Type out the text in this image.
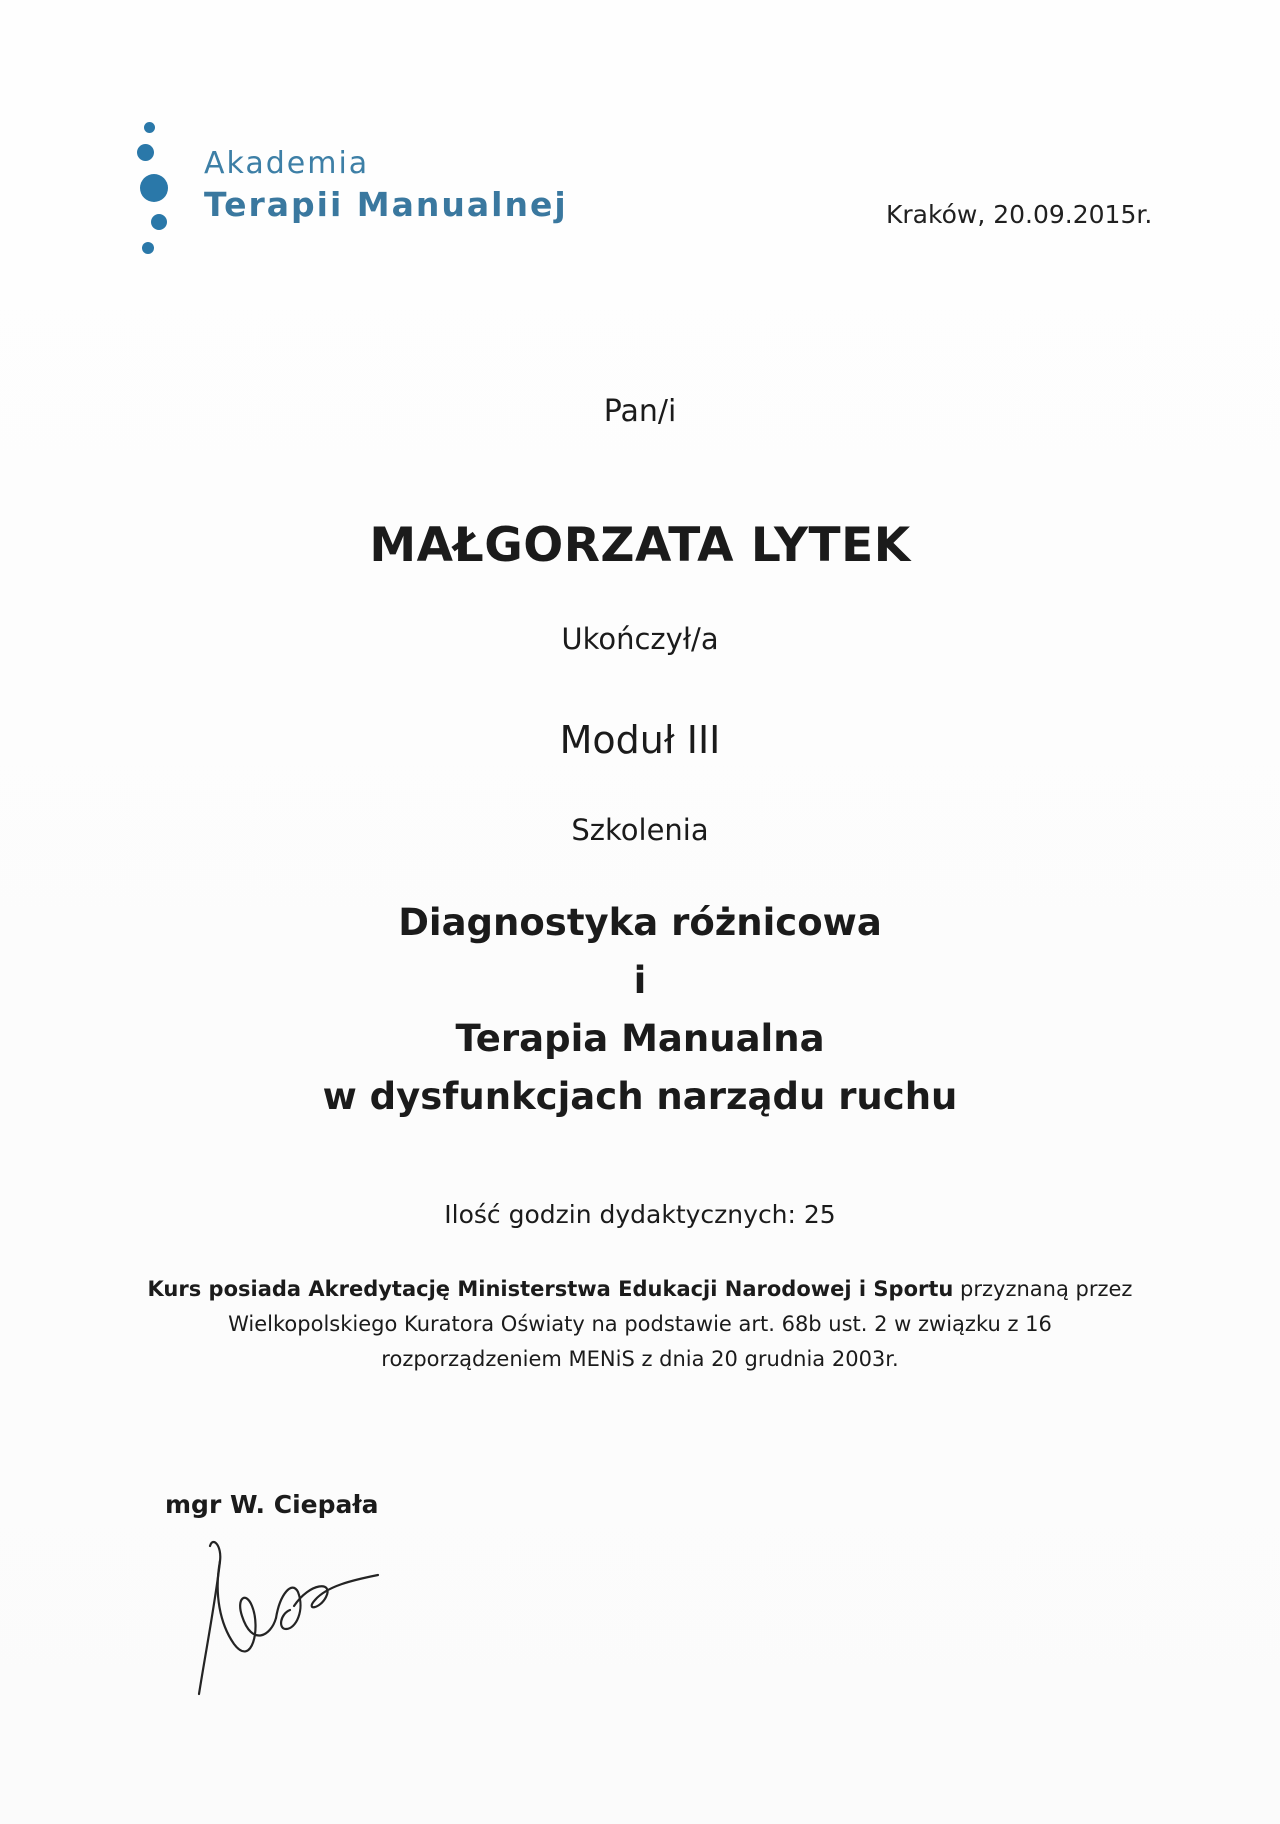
Akademia
Terapii Manualnej	Kraków, 20.09.2015r.
Pan/i
MAŁGORZATA LYTEK
Ukończył/a
Moduł III
Szkolenia
Diagnostyka różnicowa
i
Terapia Manualna
w dysfunkcjach narządu ruchu
Ilość godzin dydaktycznych: 25
Kurs posiada Akredytację Ministerstwa Edukacji Narodowej i Sportu przyznaną przez
Wielkopolskiego Kuratora Oświaty na podstawie art. 68b ust. 2 w związku z 16
rozporządzeniem MENiS z dnia 20 grudnia 2003r.
mgr W. Ciepała
